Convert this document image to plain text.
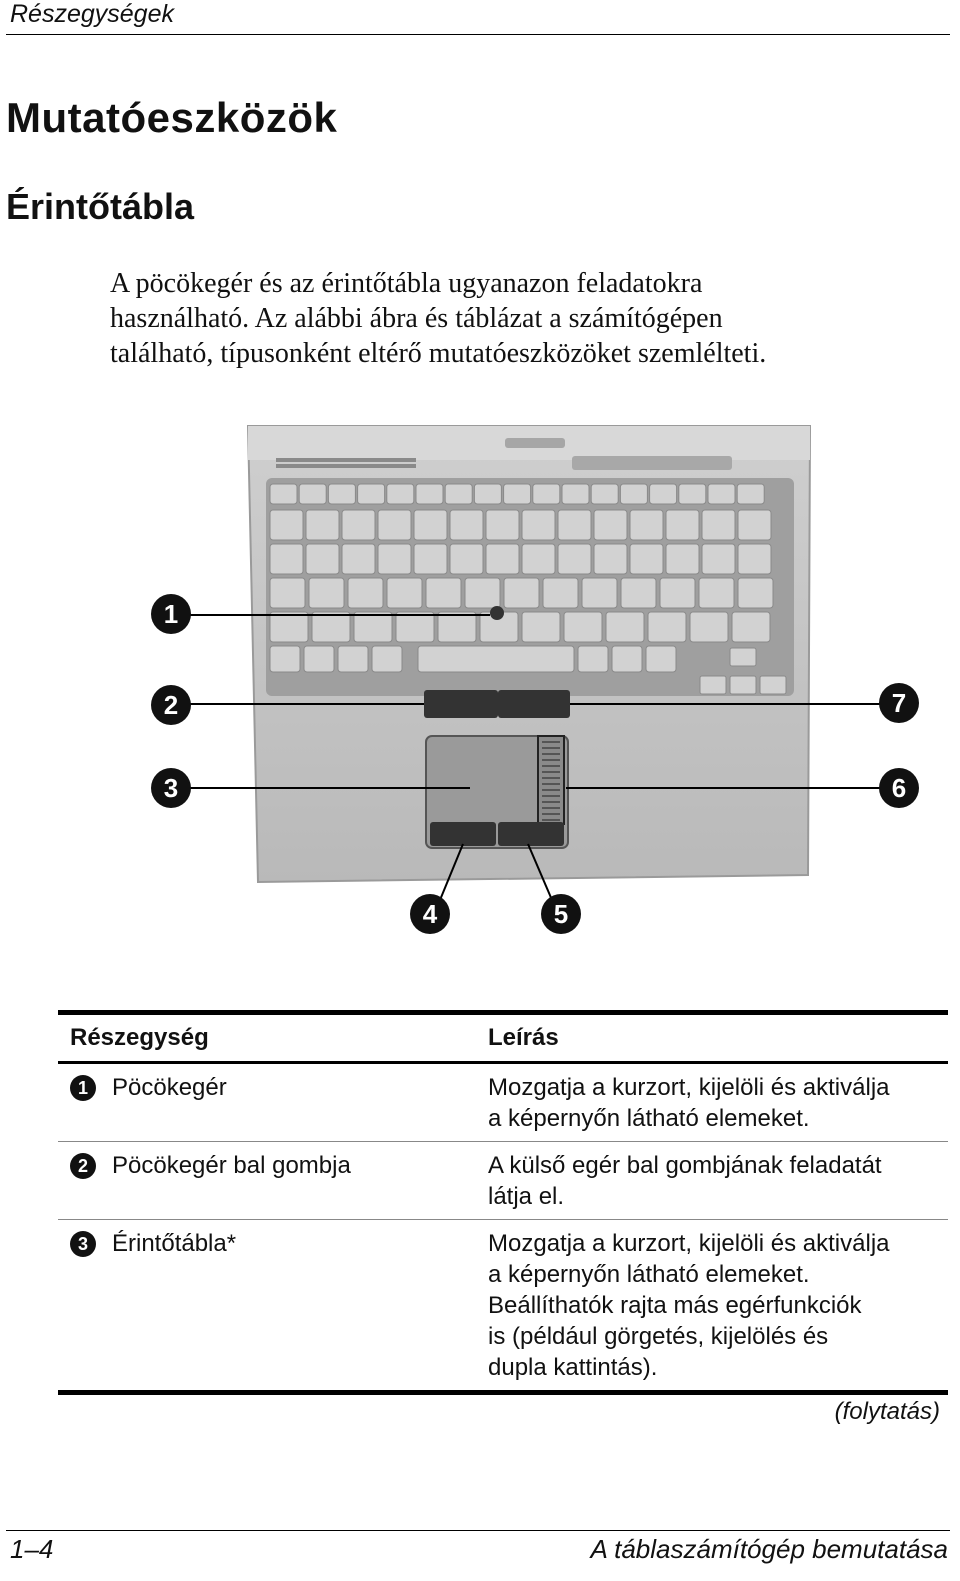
Részegységek
Mutatóeszközök
Érintőtábla

A pöcökegér és az érintőtábla ugyanazon feladatokra

használható. Az alábbi ábra és táblázat a számítógépen

található, típusonként eltérő mutatóeszközöket szemlélteti.

1
2
3
4	5
6
7
Részegység	Leírás
1	Pöcökegér	Mozgatja a kurzort, kijelöli és aktiválja
a képernyőn látható elemeket.
2	Pöcökegér bal gombja	A külső egér bal gombjának feladatát
látja el.
3	Érintőtábla*	Mozgatja a kurzort, kijelöli és aktiválja
a képernyőn látható elemeket.
Beállíthatók rajta más egérfunkciók
is (például görgetés, kijelölés és
dupla kattintás).
(folytatás)
1–4	A táblaszámítógép bemutatása
